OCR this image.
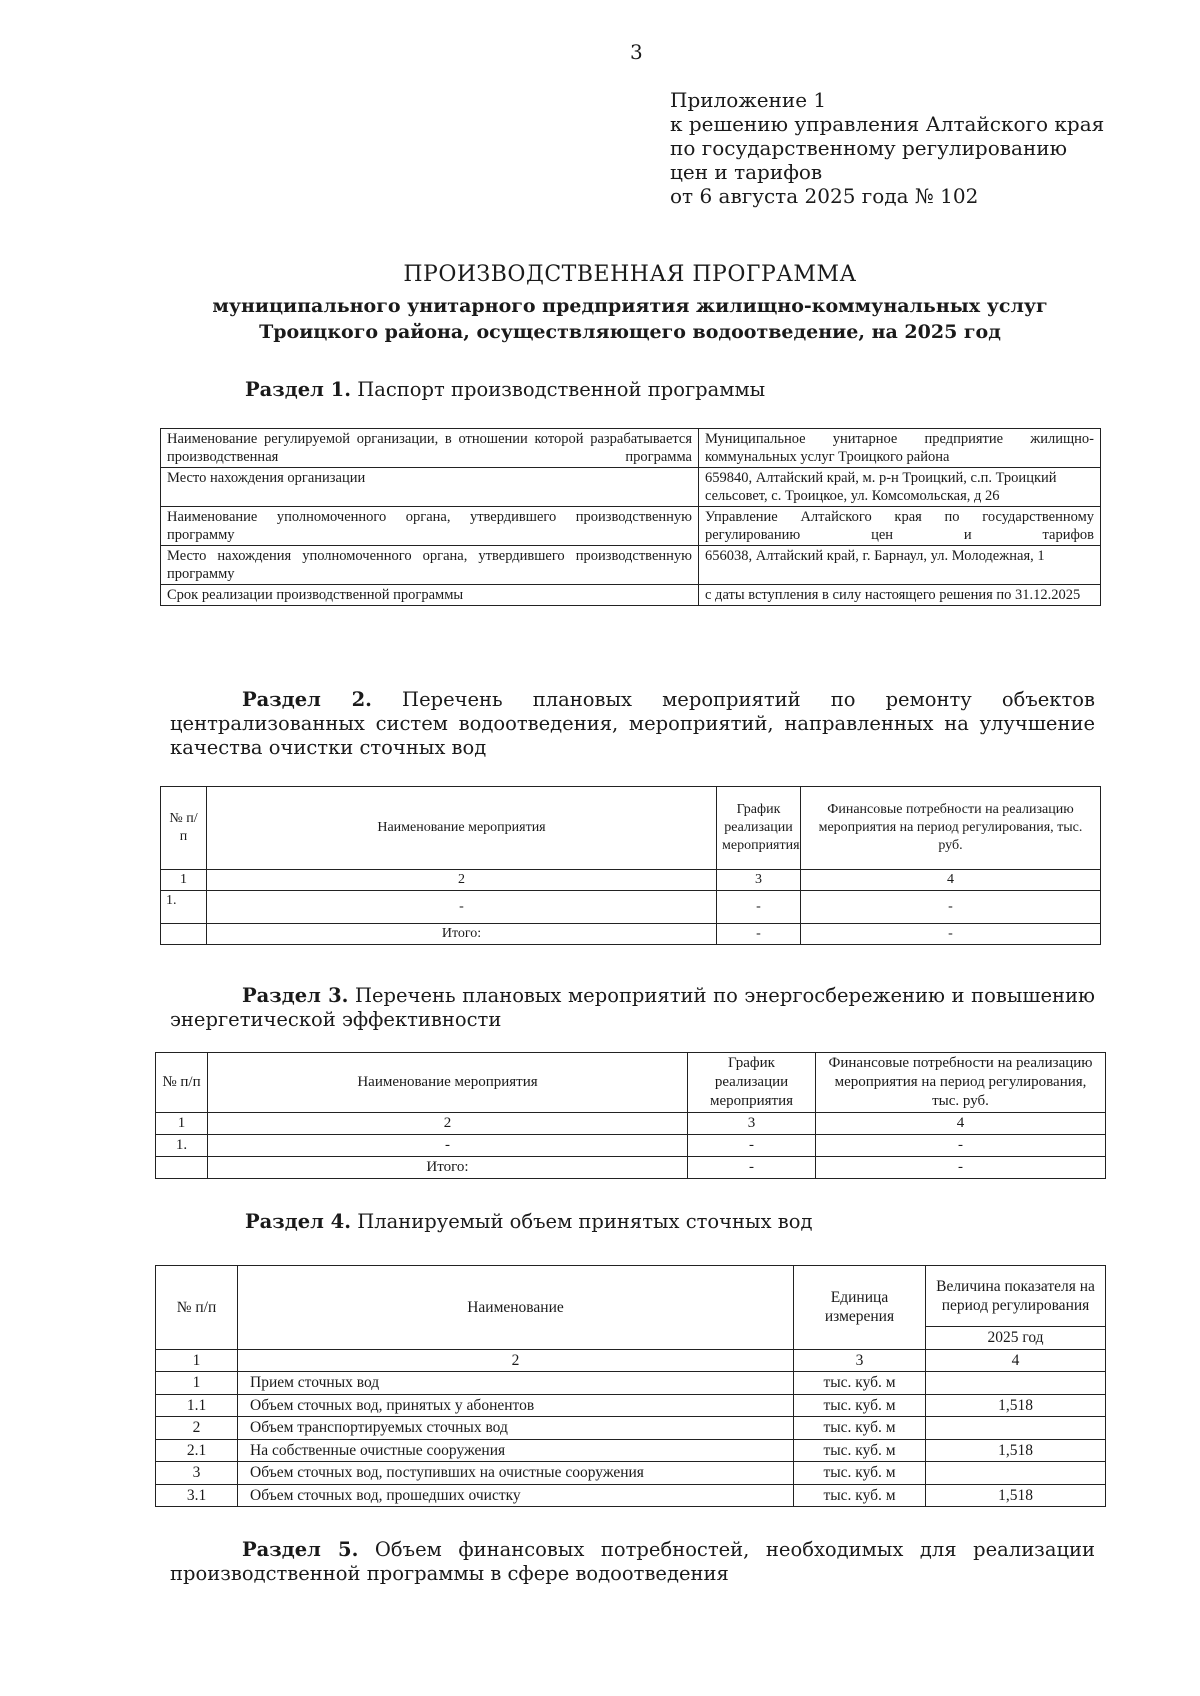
3
Приложение 1
к решению управления Алтайского края
по государственному регулированию
цен и тарифов
от 6 августа 2025 года № 102
ПРОИЗВОДСТВЕННАЯ ПРОГРАММА
муниципального унитарного предприятия жилищно-коммунальных услуг
Троицкого района, осуществляющего водоотведение, на 2025 год
Раздел 1. Паспорт производственной программы
Наименование регулируемой организации, в отношении которой разрабатывается производственная программа	Муниципальное унитарное предприятие жилищно-коммунальных услуг Троицкого района
Место нахождения организации	659840, Алтайский край, м. р-н Троицкий, с.п. Троицкий сельсовет, с. Троицкое, ул. Комсомольская, д 26
Наименование уполномоченного органа, утвердившего производственную программу	Управление Алтайского края по государственному регулированию цен и тарифов
Место нахождения уполномоченного органа, утвердившего производственную программу	656038, Алтайский край, г. Барнаул, ул. Молодежная, 1
Срок реализации производственной программы	с даты вступления в силу настоящего решения по 31.12.2025
Раздел 2. Перечень плановых мероприятий по ремонту объектов централизованных систем водоотведения, мероприятий, направленных на улучшение качества очистки сточных вод
№ п/п	Наименование мероприятия	График реализации мероприятия	Финансовые потребности на реализацию мероприятия на период регулирования, тыс. руб.
1	2	3	4
1.	-	-	-
	Итого:	-	-
Раздел 3. Перечень плановых мероприятий по энергосбережению и повышению энергетической эффективности
№ п/п	Наименование мероприятия	График реализации мероприятия	Финансовые потребности на реализацию мероприятия на период регулирования, тыс. руб.
1	2	3	4
1.	-	-	-
	Итого:	-	-
Раздел 4. Планируемый объем принятых сточных вод
№ п/п	Наименование	Единица измерения	Величина показателя на период регулирования
			2025 год
1	2	3	4
1	Прием сточных вод	тыс. куб. м	
1.1	Объем сточных вод, принятых у абонентов	тыс. куб. м	1,518
2	Объем транспортируемых сточных вод	тыс. куб. м	
2.1	На собственные очистные сооружения	тыс. куб. м	1,518
3	Объем сточных вод, поступивших на очистные сооружения	тыс. куб. м	
3.1	Объем сточных вод, прошедших очистку	тыс. куб. м	1,518
Раздел 5. Объем финансовых потребностей, необходимых для реализации производственной программы в сфере водоотведения
